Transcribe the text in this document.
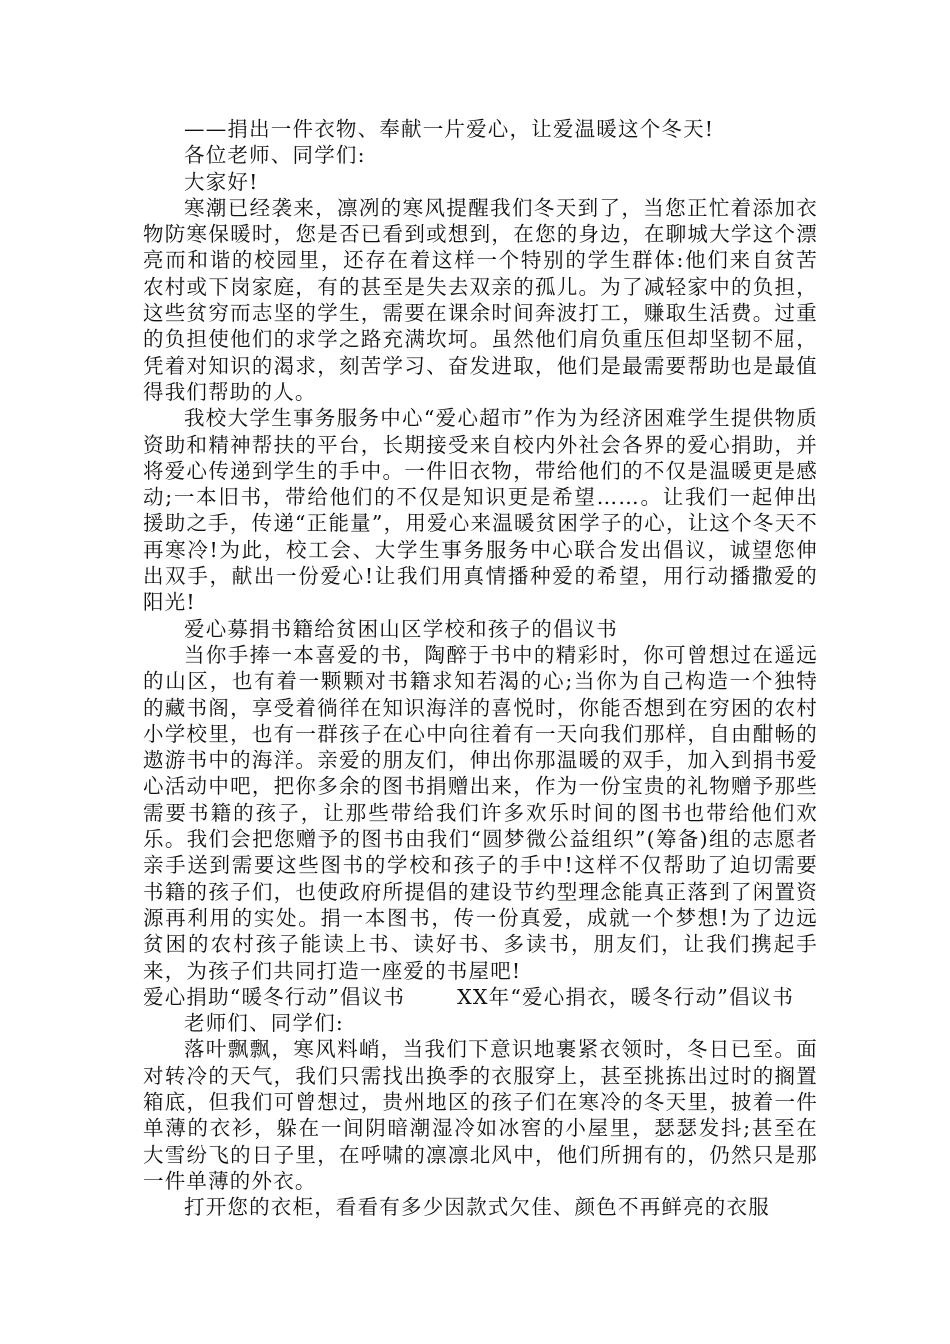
——捐出一件衣物、奉献一片爱心，让爱温暖这个冬天!

各位老师、同学们:

大家好!

寒潮已经袭来，凛冽的寒风提醒我们冬天到了，当您正忙着添加衣物防寒保暖时，您是否已看到或想到，在您的身边，在聊城大学这个漂亮而和谐的校园里，还存在着这样一个特别的学生群体:他们来自贫苦农村或下岗家庭，有的甚至是失去双亲的孤儿。为了减轻家中的负担，这些贫穷而志坚的学生，需要在课余时间奔波打工，赚取生活费。过重的负担使他们的求学之路充满坎坷。虽然他们肩负重压但却坚韧不屈，凭着对知识的渴求，刻苦学习、奋发进取，他们是最需要帮助也是最值得我们帮助的人。

我校大学生事务服务中心“爱心超市”作为为经济困难学生提供物质资助和精神帮扶的平台，长期接受来自校内外社会各界的爱心捐助，并将爱心传递到学生的手中。一件旧衣物，带给他们的不仅是温暖更是感动;一本旧书，带给他们的不仅是知识更是希望……。让我们一起伸出援助之手，传递“正能量”，用爱心来温暖贫困学子的心，让这个冬天不再寒冷!为此，校工会、大学生事务服务中心联合发出倡议，诚望您伸出双手，献出一份爱心!让我们用真情播种爱的希望，用行动播撒爱的阳光!

爱心募捐书籍给贫困山区学校和孩子的倡议书

当你手捧一本喜爱的书，陶醉于书中的精彩时，你可曾想过在遥远的山区，也有着一颗颗对书籍求知若渴的心;当你为自己构造一个独特的藏书阁，享受着徜徉在知识海洋的喜悦时，你能否想到在穷困的农村小学校里，也有一群孩子在心中向往着有一天向我们那样，自由酣畅的遨游书中的海洋。亲爱的朋友们，伸出你那温暖的双手，加入到捐书爱心活动中吧，把你多余的图书捐赠出来，作为一份宝贵的礼物赠予那些需要书籍的孩子，让那些带给我们许多欢乐时间的图书也带给他们欢乐。我们会把您赠予的图书由我们“圆梦微公益组织”(筹备)组的志愿者亲手送到需要这些图书的学校和孩子的手中!这样不仅帮助了迫切需要书籍的孩子们，也使政府所提倡的建设节约型理念能真正落到了闲置资源再利用的实处。捐一本图书，传一份真爱，成就一个梦想!为了边远贫困的农村孩子能读上书、读好书、多读书，朋友们，让我们携起手来，为孩子们共同打造一座爱的书屋吧!

爱心捐助“暖冬行动”倡议书	XX年“爱心捐衣，暖冬行动”倡议书

老师们、同学们:

落叶飘飘，寒风料峭，当我们下意识地裹紧衣领时，冬日已至。面对转冷的天气，我们只需找出换季的衣服穿上，甚至挑拣出过时的搁置箱底，但我们可曾想过，贵州地区的孩子们在寒冷的冬天里，披着一件单薄的衣衫，躲在一间阴暗潮湿冷如冰窖的小屋里，瑟瑟发抖;甚至在大雪纷飞的日子里，在呼啸的凛凛北风中，他们所拥有的，仍然只是那一件单薄的外衣。

打开您的衣柜，看看有多少因款式欠佳、颜色不再鲜亮的衣服
